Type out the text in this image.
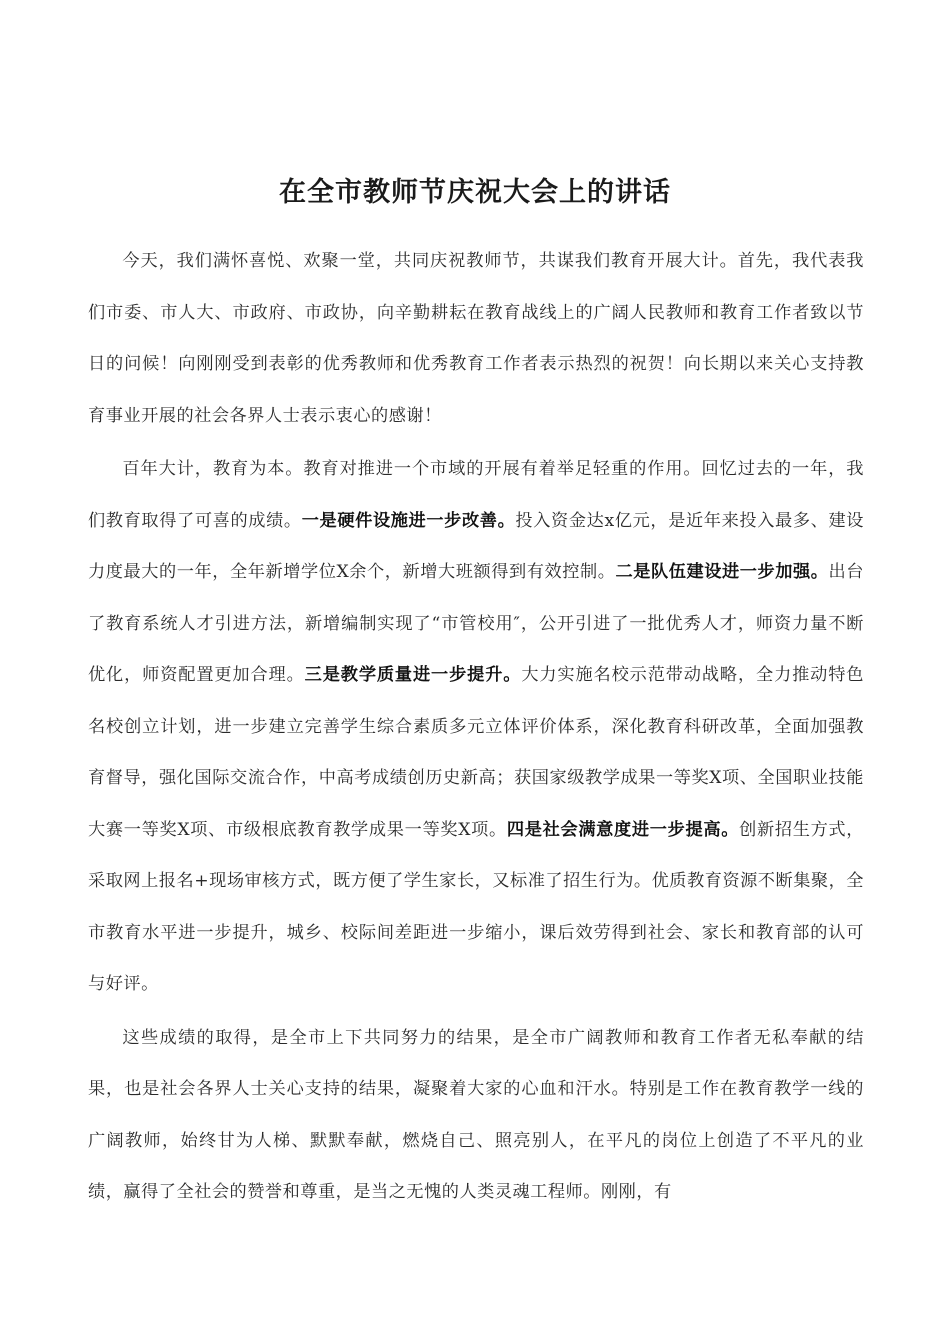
在全市教师节庆祝大会上的讲话

今天，我们满怀喜悦、欢聚一堂，共同庆祝教师节，共谋我们教育开展大计。首先，我代表我们市委、市人大、市政府、市政协，向辛勤耕耘在教育战线上的广阔人民教师和教育工作者致以节日的问候！向刚刚受到表彰的优秀教师和优秀教育工作者表示热烈的祝贺！向长期以来关心支持教育事业开展的社会各界人士表示衷心的感谢！

百年大计，教育为本。教育对推进一个市域的开展有着举足轻重的作用。回忆过去的一年，我们教育取得了可喜的成绩。一是硬件设施进一步改善。投入资金达x亿元，是近年来投入最多、建设力度最大的一年，全年新增学位X余个，新增大班额得到有效控制。二是队伍建设进一步加强。出台了教育系统人才引进方法，新增编制实现了“市管校用″，公开引进了一批优秀人才，师资力量不断优化，师资配置更加合理。三是教学质量进一步提升。大力实施名校示范带动战略，全力推动特色名校创立计划，进一步建立完善学生综合素质多元立体评价体系，深化教育科研改革，全面加强教育督导，强化国际交流合作，中高考成绩创历史新高；获国家级教学成果一等奖X项、全国职业技能大赛一等奖X项、市级根底教育教学成果一等奖X项。四是社会满意度进一步提高。创新招生方式，采取网上报名+现场审核方式，既方便了学生家长，又标准了招生行为。优质教育资源不断集聚，全市教育水平进一步提升，城乡、校际间差距进一步缩小，课后效劳得到社会、家长和教育部的认可与好评。

这些成绩的取得，是全市上下共同努力的结果，是全市广阔教师和教育工作者无私奉献的结果，也是社会各界人士关心支持的结果，凝聚着大家的心血和汗水。特别是工作在教育教学一线的广阔教师，始终甘为人梯、默默奉献，燃烧自己、照亮别人，在平凡的岗位上创造了不平凡的业绩，赢得了全社会的赞誉和尊重，是当之无愧的人类灵魂工程师。刚刚，有
